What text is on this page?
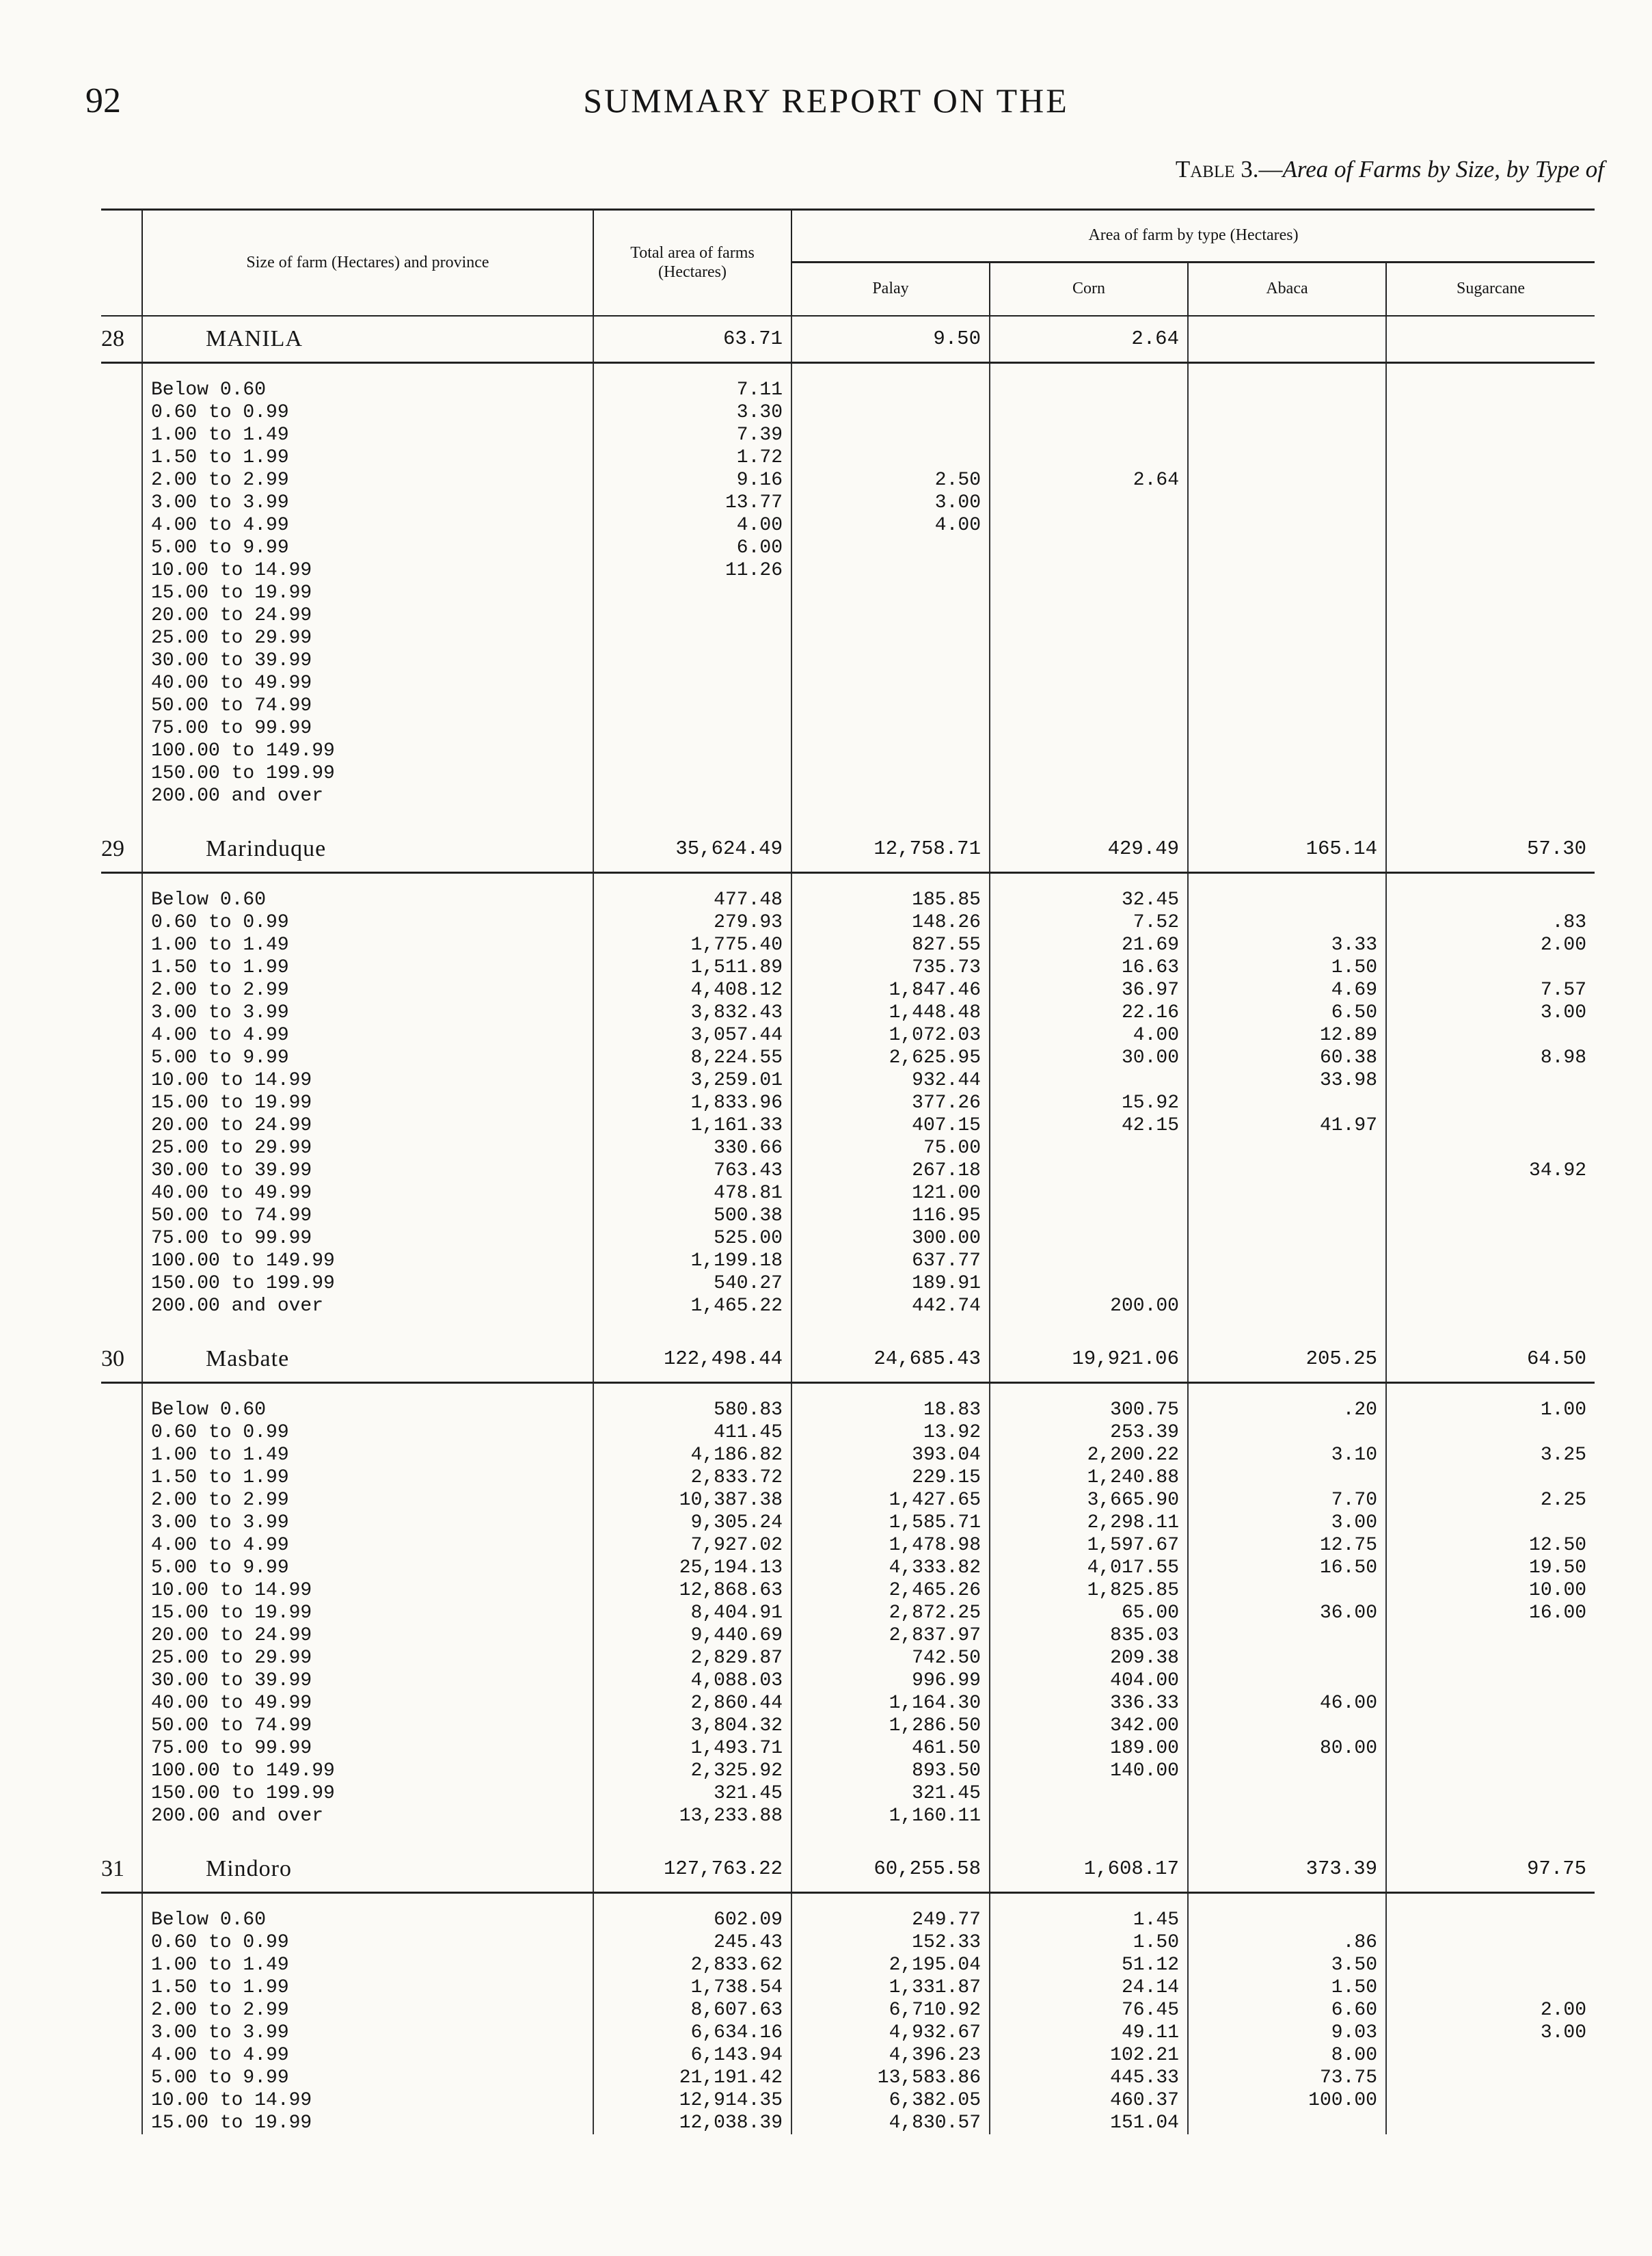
92	SUMMARY REPORT ON THE
Table 3.—Area of Farms by Size, by Type of
	Size of farm (Hectares) and province	Total area of farms (Hectares)	Area of farm by type (Hectares)			
			Palay	Corn	Abaca	Sugarcane
28	MANILA	63.71	9.50	2.64		

	Below 0.60	7.11				
	0.60 to 0.99	3.30				
	1.00 to 1.49	7.39				
	1.50 to 1.99	1.72				
	2.00 to 2.99	9.16	2.50	2.64		
	3.00 to 3.99	13.77	3.00			
	4.00 to 4.99	4.00	4.00			
	5.00 to 9.99	6.00				
	10.00 to 14.99	11.26				
	15.00 to 19.99					
	20.00 to 24.99					
	25.00 to 29.99					
	30.00 to 39.99					
	40.00 to 49.99					
	50.00 to 74.99					
	75.00 to 99.99					
	100.00 to 149.99					
	150.00 to 199.99					
	200.00 and over					

29	Marinduque	35,624.49	12,758.71	429.49	165.14	57.30

	Below 0.60	477.48	185.85	32.45		
	0.60 to 0.99	279.93	148.26	7.52		.83
	1.00 to 1.49	1,775.40	827.55	21.69	3.33	2.00
	1.50 to 1.99	1,511.89	735.73	16.63	1.50	
	2.00 to 2.99	4,408.12	1,847.46	36.97	4.69	7.57
	3.00 to 3.99	3,832.43	1,448.48	22.16	6.50	3.00
	4.00 to 4.99	3,057.44	1,072.03	4.00	12.89	
	5.00 to 9.99	8,224.55	2,625.95	30.00	60.38	8.98
	10.00 to 14.99	3,259.01	932.44		33.98	
	15.00 to 19.99	1,833.96	377.26	15.92		
	20.00 to 24.99	1,161.33	407.15	42.15	41.97	
	25.00 to 29.99	330.66	75.00			
	30.00 to 39.99	763.43	267.18			34.92
	40.00 to 49.99	478.81	121.00			
	50.00 to 74.99	500.38	116.95			
	75.00 to 99.99	525.00	300.00			
	100.00 to 149.99	1,199.18	637.77			
	150.00 to 199.99	540.27	189.91			
	200.00 and over	1,465.22	442.74	200.00		

30	Masbate	122,498.44	24,685.43	19,921.06	205.25	64.50

	Below 0.60	580.83	18.83	300.75	.20	1.00
	0.60 to 0.99	411.45	13.92	253.39		
	1.00 to 1.49	4,186.82	393.04	2,200.22	3.10	3.25
	1.50 to 1.99	2,833.72	229.15	1,240.88		
	2.00 to 2.99	10,387.38	1,427.65	3,665.90	7.70	2.25
	3.00 to 3.99	9,305.24	1,585.71	2,298.11	3.00	
	4.00 to 4.99	7,927.02	1,478.98	1,597.67	12.75	12.50
	5.00 to 9.99	25,194.13	4,333.82	4,017.55	16.50	19.50
	10.00 to 14.99	12,868.63	2,465.26	1,825.85		10.00
	15.00 to 19.99	8,404.91	2,872.25	65.00	36.00	16.00
	20.00 to 24.99	9,440.69	2,837.97	835.03		
	25.00 to 29.99	2,829.87	742.50	209.38		
	30.00 to 39.99	4,088.03	996.99	404.00		
	40.00 to 49.99	2,860.44	1,164.30	336.33	46.00	
	50.00 to 74.99	3,804.32	1,286.50	342.00		
	75.00 to 99.99	1,493.71	461.50	189.00	80.00	
	100.00 to 149.99	2,325.92	893.50	140.00		
	150.00 to 199.99	321.45	321.45			
	200.00 and over	13,233.88	1,160.11			

31	Mindoro	127,763.22	60,255.58	1,608.17	373.39	97.75

	Below 0.60	602.09	249.77	1.45		
	0.60 to 0.99	245.43	152.33	1.50	.86	
	1.00 to 1.49	2,833.62	2,195.04	51.12	3.50	
	1.50 to 1.99	1,738.54	1,331.87	24.14	1.50	
	2.00 to 2.99	8,607.63	6,710.92	76.45	6.60	2.00
	3.00 to 3.99	6,634.16	4,932.67	49.11	9.03	3.00
	4.00 to 4.99	6,143.94	4,396.23	102.21	8.00	
	5.00 to 9.99	21,191.42	13,583.86	445.33	73.75	
	10.00 to 14.99	12,914.35	6,382.05	460.37	100.00	
	15.00 to 19.99	12,038.39	4,830.57	151.04		
